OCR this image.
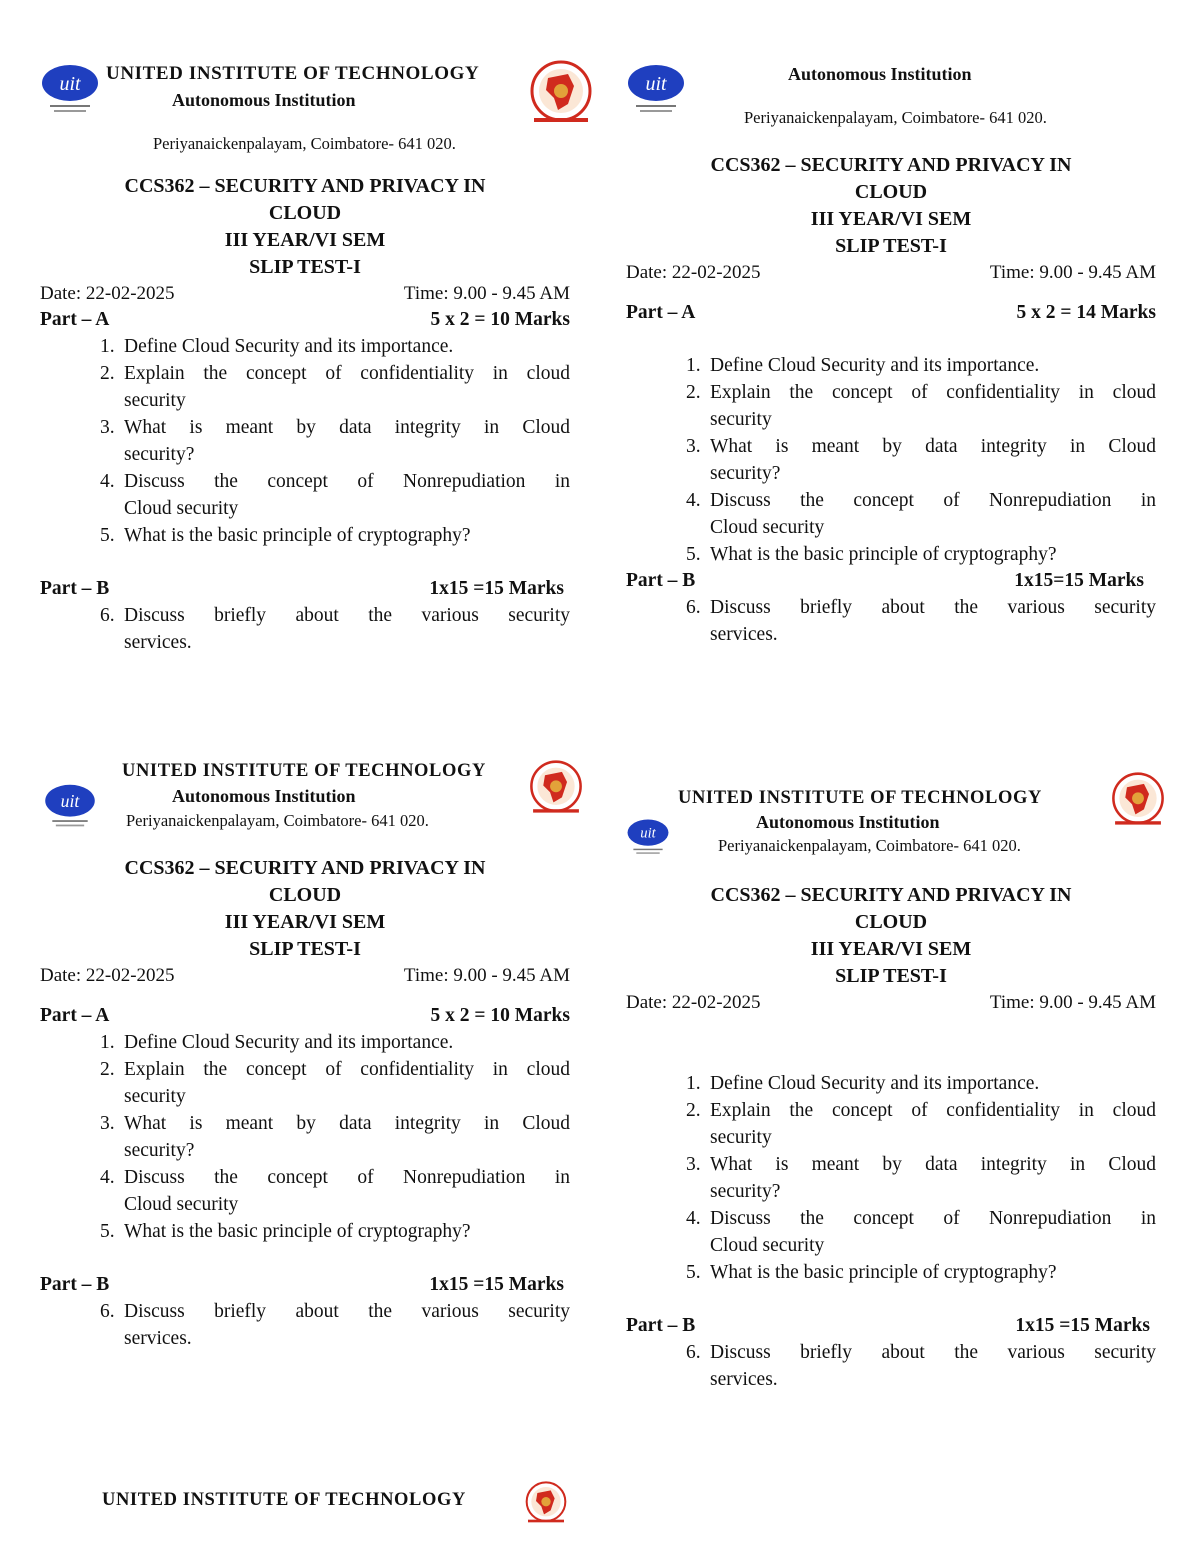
uit UNITED INSTITUTE OF TECHNOLOGY
Autonomous Institution
Periyanaickenpalayam, Coimbatore- 641 020.
CCS362 – SECURITY AND PRIVACY IN
CLOUD
III YEAR/VI SEM
SLIP TEST-I
Date: 22-02-2025	Time: 9.00 - 9.45 AM
Part – A	5 x 2 = 10 Marks
1. Define Cloud Security and its importance.
2. Explain the concept of confidentiality in cloud
security
3. What is meant by data integrity in Cloud
security?
4. Discuss the concept of Nonrepudiation in
Cloud security
5. What is the basic principle of cryptography?
Part – B	1x15 =15 Marks
6. Discuss briefly about the various security
services.
uit	Autonomous Institution
Periyanaickenpalayam, Coimbatore- 641 020.
CCS362 – SECURITY AND PRIVACY IN
CLOUD
III YEAR/VI SEM
SLIP TEST-I
Date: 22-02-2025	Time: 9.00 - 9.45 AM
Part – A	5 x 2 = 14 Marks
1. Define Cloud Security and its importance.
2. Explain the concept of confidentiality in cloud
security
3. What is meant by data integrity in Cloud
security?
4. Discuss the concept of Nonrepudiation in
Cloud security
5. What is the basic principle of cryptography?
Part – B	1x15=15 Marks
6. Discuss briefly about the various security
services.
uit
UNITED INSTITUTE OF TECHNOLOGY
Autonomous Institution
Periyanaickenpalayam, Coimbatore- 641 020.
CCS362 – SECURITY AND PRIVACY IN
CLOUD
III YEAR/VI SEM
SLIP TEST-I
Date: 22-02-2025	Time: 9.00 - 9.45 AM
Part – A	5 x 2 = 10 Marks
1. Define Cloud Security and its importance.
2. Explain the concept of confidentiality in cloud
security
3. What is meant by data integrity in Cloud
security?
4. Discuss the concept of Nonrepudiation in
Cloud security
5. What is the basic principle of cryptography?
Part – B	1x15 =15 Marks
6. Discuss briefly about the various security
services.
uit
UNITED INSTITUTE OF TECHNOLOGY
Autonomous Institution
Periyanaickenpalayam, Coimbatore- 641 020.
CCS362 – SECURITY AND PRIVACY IN
CLOUD
III YEAR/VI SEM
SLIP TEST-I
Date: 22-02-2025	Time: 9.00 - 9.45 AM
1. Define Cloud Security and its importance.
2. Explain the concept of confidentiality in cloud
security
3. What is meant by data integrity in Cloud
security?
4. Discuss the concept of Nonrepudiation in
Cloud security
5. What is the basic principle of cryptography?
Part – B	1x15 =15 Marks
6. Discuss briefly about the various security
services.
UNITED INSTITUTE OF TECHNOLOGY
